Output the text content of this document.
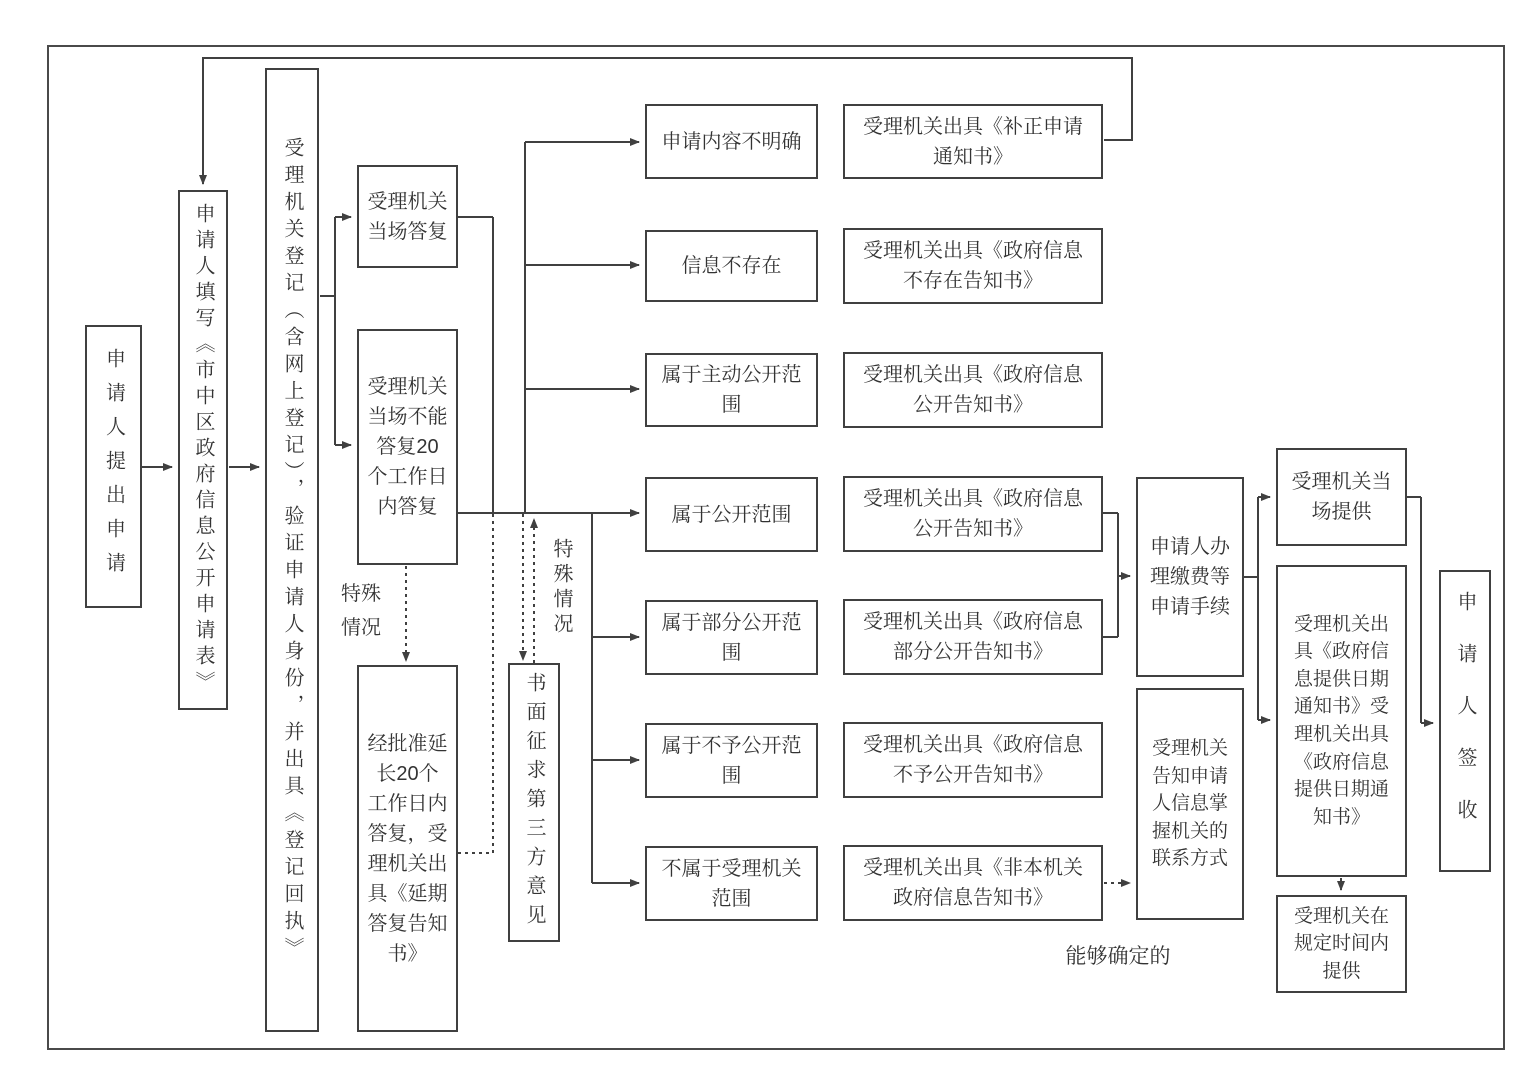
申请人提出申请	申请人填写《市中区政府信息公开申请表》	受理机关登记（含网上登记），验证申请人身份，并出具《登记回执》	受理机关当场答复
受理机关当场不能答复20个工作日内答复
经批准延长20个工作日内答复，受理机关出具《延期答复告知书》
书面征求第三方意见
申请内容不明确
信息不存在
属于主动公开范围
属于公开范围
属于部分公开范围
属于不予公开范围
不属于受理机关范围
受理机关出具《补正申请通知书》
受理机关出具《政府信息不存在告知书》
受理机关出具《政府信息公开告知书》
受理机关出具《政府信息公开告知书》
受理机关出具《政府信息部分公开告知书》
受理机关出具《政府信息不予公开告知书》
受理机关出具《非本机关政府信息告知书》
申请人办理缴费等申请手续
受理机关告知申请人信息掌握机关的联系方式
受理机关当场提供
受理机关出具《政府信息提供日期通知书》受理机关出具《政府信息提供日期通知书》
受理机关在规定时间内提供
申请人签收
特殊情况	特殊情况
能够确定的
